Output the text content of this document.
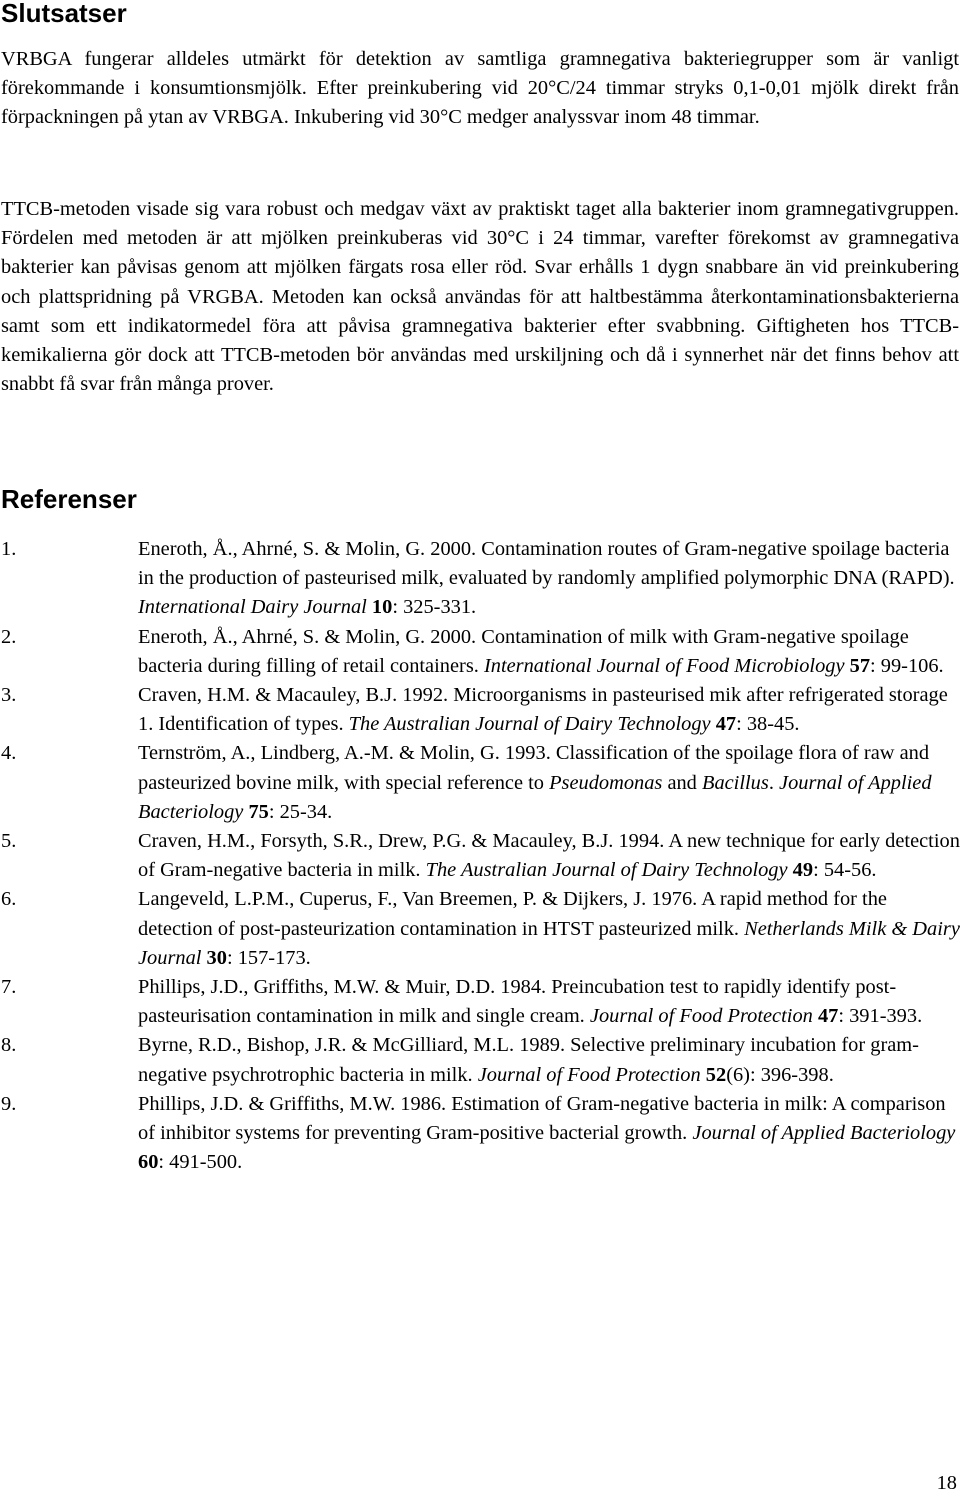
Slutsatser

VRBGA fungerar alldeles utmärkt för detektion av samtliga gramnegativa bakteriegrupper som är vanligt förekommande i konsumtionsmjölk. Efter preinkubering vid 20°C/24 timmar stryks 0,1-0,01 mjölk direkt från förpackningen på ytan av VRBGA. Inkubering vid 30°C medger analyssvar inom 48 timmar.

TTCB-metoden visade sig vara robust och medgav växt av praktiskt taget alla bakterier inom gramnegativgruppen. Fördelen med metoden är att mjölken preinkuberas vid 30°C i 24 timmar, varefter förekomst av gramnegativa bakterier kan påvisas genom att mjölken färgats rosa eller röd. Svar erhålls 1 dygn snabbare än vid preinkubering och plattspridning på VRGBA. Metoden kan också användas för att haltbestämma återkontaminationsbakterierna samt som ett indikatormedel föra att påvisa gramnegativa bakterier efter svabbning. Giftigheten hos TTCB-kemikalierna gör dock att TTCB-metoden bör användas med urskiljning och då i synnerhet när det finns behov att snabbt få svar från många prover.

Referenser
1.	Eneroth, Å., Ahrné, S. & Molin, G. 2000. Contamination routes of Gram-negative spoilage bacteria in the production of pasteurised milk, evaluated by randomly amplified polymorphic DNA (RAPD). International Dairy Journal 10: 325-331.
2.	Eneroth, Å., Ahrné, S. & Molin, G. 2000. Contamination of milk with Gram-negative spoilage bacteria during filling of retail containers. International Journal of Food Microbiology 57: 99-106.
3.	Craven, H.M. & Macauley, B.J. 1992. Microorganisms in pasteurised mik after refrigerated storage 1. Identification of types. The Australian Journal of Dairy Technology 47: 38-45.
4.	Ternström, A., Lindberg, A.-M. & Molin, G. 1993. Classification of the spoilage flora of raw and pasteurized bovine milk, with special reference to Pseudomonas and Bacillus. Journal of Applied Bacteriology 75: 25-34.
5.	Craven, H.M., Forsyth, S.R., Drew, P.G. & Macauley, B.J. 1994. A new technique for early detection of Gram-negative bacteria in milk. The Australian Journal of Dairy Technology 49: 54-56.
6.	Langeveld, L.P.M., Cuperus, F., Van Breemen, P. & Dijkers, J. 1976. A rapid method for the detection of post-pasteurization contamination in HTST pasteurized milk. Netherlands Milk & Dairy Journal 30: 157-173.
7.	Phillips, J.D., Griffiths, M.W. & Muir, D.D. 1984. Preincubation test to rapidly identify post-pasteurisation contamination in milk and single cream. Journal of Food Protection 47: 391-393.
8.	Byrne, R.D., Bishop, J.R. & McGilliard, M.L. 1989. Selective preliminary incubation for gram-negative psychrotrophic bacteria in milk. Journal of Food Protection 52(6): 396-398.
9.	Phillips, J.D. & Griffiths, M.W. 1986. Estimation of Gram-negative bacteria in milk: A comparison of inhibitor systems for preventing Gram-positive bacterial growth. Journal of Applied Bacteriology 60: 491-500.
18
